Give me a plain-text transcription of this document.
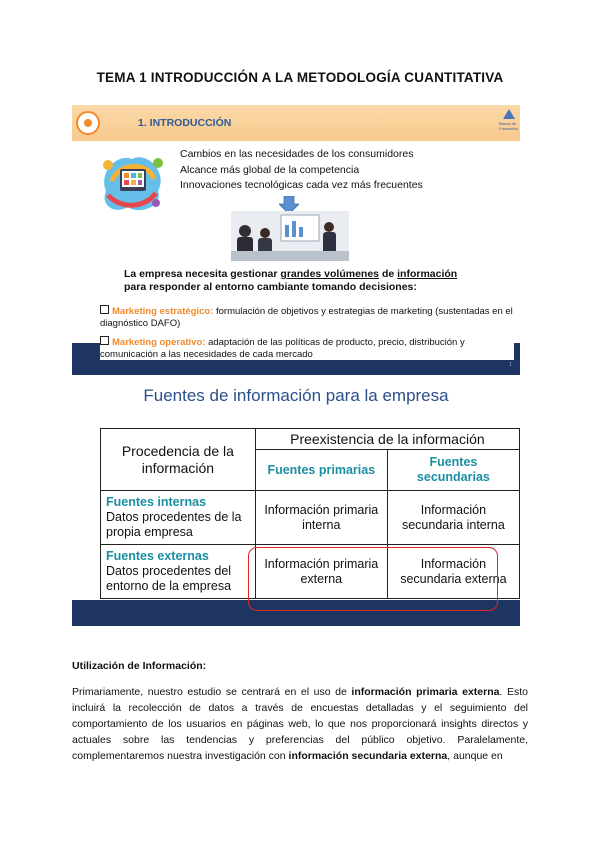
TEMA 1 INTRODUCCIÓN A LA METODOLOGÍA CUANTITATIVA
1. INTRODUCCIÓN	Banca de Formación
Cambios en las necesidades de los consumidores
Alcance más global de la competencia
Innovaciones tecnológicas cada vez más frecuentes
La empresa necesita gestionar grandes volúmenes de información
para responder al entorno cambiante tomando decisiones:
Marketing estratégico: formulación de objetivos y estrategias de marketing (sustentadas en el diagnóstico DAFO)
Marketing operativo: adaptación de las políticas de producto, precio, distribución y comunicación a las necesidades de cada mercado
1
Fuentes de información para la empresa
Procedencia de la información	Preexistencia de la información	
	Fuentes primarias	Fuentes secundarias

Fuentes internas
Datos procedentes de la propia empresa	Información primaria interna	Información secundaria interna

Fuentes externas
Datos procedentes del entorno de la empresa	Información primaria externa	Información secundaria externa
Utilización de Información:
Primariamente, nuestro estudio se centrará en el uso de información primaria externa. Esto incluirá la recolección de datos a través de encuestas detalladas y el seguimiento del comportamiento de los usuarios en páginas web, lo que nos proporcionará insights directos y actuales sobre las tendencias y preferencias del público objetivo. Paralelamente, complementaremos nuestra investigación con información secundaria externa, aunque en
